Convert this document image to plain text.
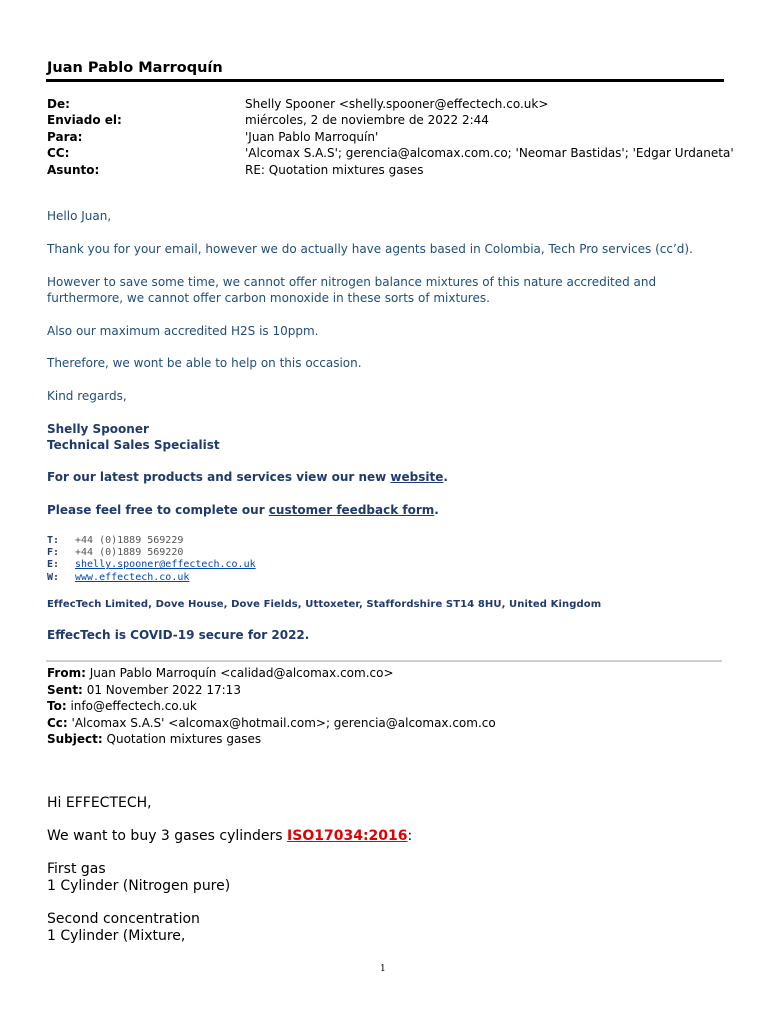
Juan Pablo Marroquín
De:	Shelly Spooner <shelly.spooner@effectech.co.uk>
Enviado el:	miércoles, 2 de noviembre de 2022 2:44
Para:	'Juan Pablo Marroquín'
CC:	'Alcomax S.A.S'; gerencia@alcomax.com.co; 'Neomar Bastidas'; 'Edgar Urdaneta'
Asunto:	RE: Quotation mixtures gases
Hello Juan,
Thank you for your email, however we do actually have agents based in Colombia, Tech Pro services (cc’d).
However to save some time, we cannot offer nitrogen balance mixtures of this nature accredited and furthermore, we cannot offer carbon monoxide in these sorts of mixtures.
Also our maximum accredited H2S is 10ppm.
Therefore, we wont be able to help on this occasion.
Kind regards,
Shelly Spooner
Technical Sales Specialist
For our latest products and services view our new website.
Please feel free to complete our customer feedback form.
T:	+44 (0)1889 569229
F:	+44 (0)1889 569220
E:	shelly.spooner@effectech.co.uk
W:	www.effectech.co.uk
EffecTech Limited, Dove House, Dove Fields, Uttoxeter, Staffordshire ST14 8HU, United Kingdom
EffecTech is COVID-19 secure for 2022.
From: Juan Pablo Marroquín <calidad@alcomax.com.co>
Sent: 01 November 2022 17:13
To: info@effectech.co.uk
Cc: 'Alcomax S.A.S' <alcomax@hotmail.com>; gerencia@alcomax.com.co
Subject: Quotation mixtures gases
Hi EFFECTECH,
We want to buy 3 gases cylinders ISO17034:2016:
First gas
1 Cylinder (Nitrogen pure)
Second concentration
1 Cylinder (Mixture,
1
